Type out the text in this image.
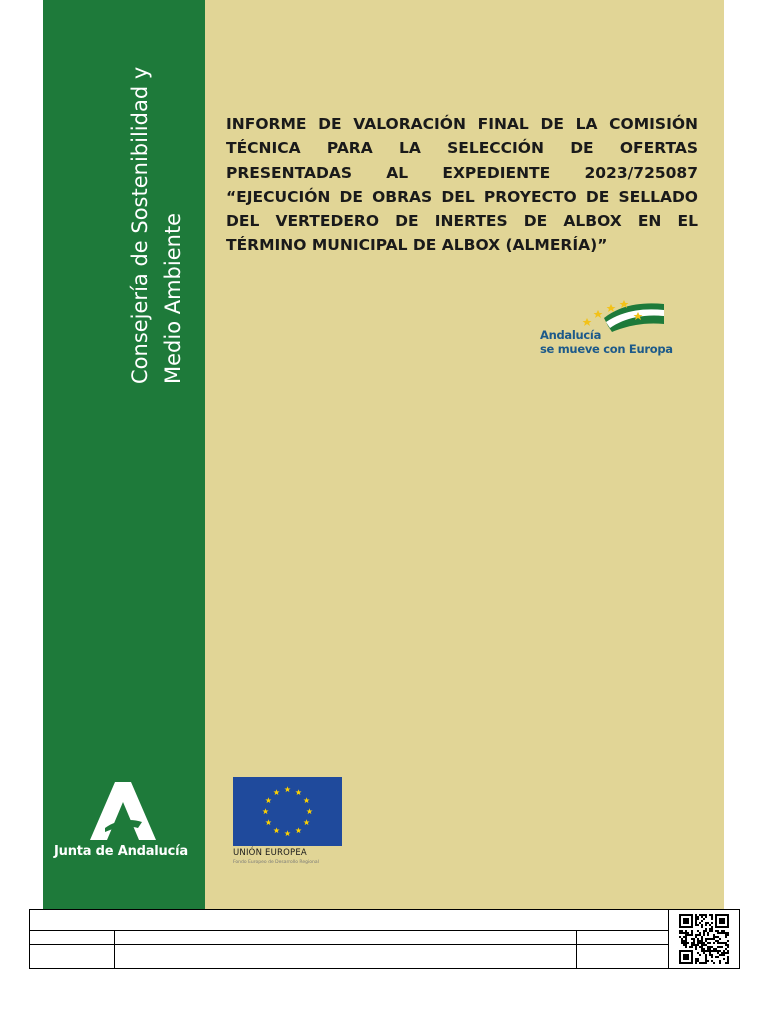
Consejería de Sostenibilidad y Medio Ambiente
INFORME DE VALORACIÓN FINAL DE LA COMISIÓN TÉCNICA PARA LA SELECCIÓN DE OFERTAS PRESENTADAS AL EXPEDIENTE 2023/725087 “EJECUCIÓN DE OBRAS DEL PROYECTO DE SELLADO DEL VERTEDERO DE INERTES DE ALBOX EN EL TÉRMINO MUNICIPAL DE ALBOX (ALMERÍA)”
Andalucía
se mueve con Europa
Junta de Andalucía	UNIÓN EUROPEA
Fondo Europeo de Desarrollo Regional
